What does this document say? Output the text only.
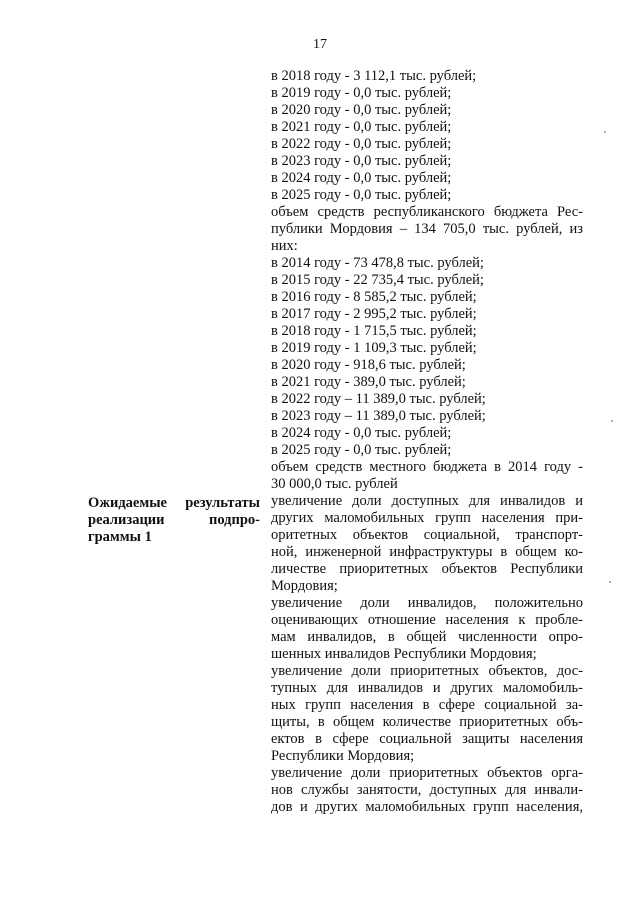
17
Ожидаемые результаты
реализации подпро-
граммы 1
в 2018 году - 3 112,1 тыс. рублей;
в 2019 году - 0,0 тыс. рублей;
в 2020 году - 0,0 тыс. рублей;
в 2021 году - 0,0 тыс. рублей;
в 2022 году - 0,0 тыс. рублей;
в 2023 году - 0,0 тыс. рублей;
в 2024 году - 0,0 тыс. рублей;
в 2025 году - 0,0 тыс. рублей;
объем средств республиканского бюджета Рес-
публики Мордовия – 134 705,0 тыс. рублей, из
них:
в 2014 году - 73 478,8 тыс. рублей;
в 2015 году - 22 735,4 тыс. рублей;
в 2016 году - 8 585,2 тыс. рублей;
в 2017 году - 2 995,2 тыс. рублей;
в 2018 году - 1 715,5 тыс. рублей;
в 2019 году - 1 109,3 тыс. рублей;
в 2020 году - 918,6 тыс. рублей;
в 2021 году - 389,0 тыс. рублей;
в 2022 году – 11 389,0 тыс. рублей;
в 2023 году – 11 389,0 тыс. рублей;
в 2024 году - 0,0 тыс. рублей;
в 2025 году - 0,0 тыс. рублей;
объем средств местного бюджета в 2014 году -
30 000,0 тыс. рублей
увеличение доли доступных для инвалидов и
других маломобильных групп населения при-
оритетных объектов социальной, транспорт-
ной, инженерной инфраструктуры в общем ко-
личестве приоритетных объектов Республики
Мордовия;
увеличение доли инвалидов, положительно
оценивающих отношение населения к пробле-
мам инвалидов, в общей численности опро-
шенных инвалидов Республики Мордовия;
увеличение доли приоритетных объектов, дос-
тупных для инвалидов и других маломобиль-
ных групп населения в сфере социальной за-
щиты, в общем количестве приоритетных объ-
ектов в сфере социальной защиты населения
Республики Мордовия;
увеличение доли приоритетных объектов орга-
нов службы занятости, доступных для инвали-
дов и других маломобильных групп населения,
